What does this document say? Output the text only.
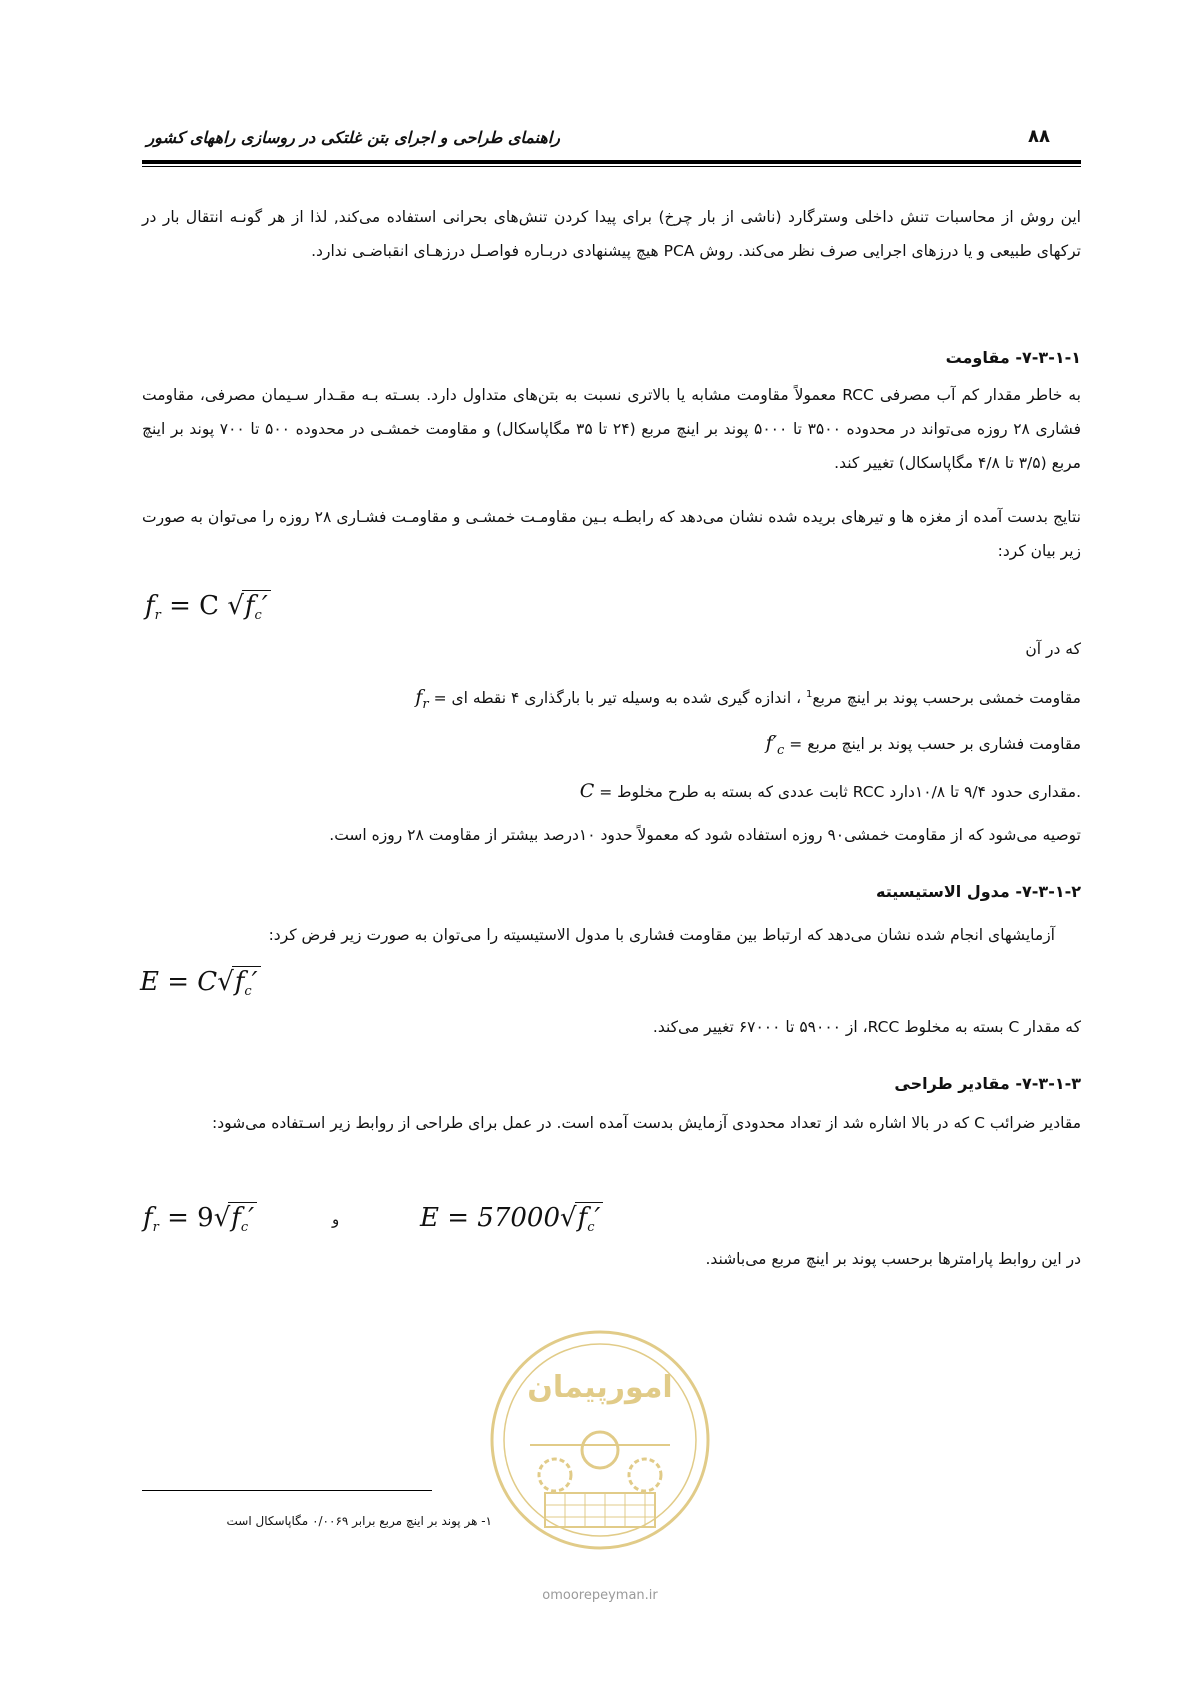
راهنمای طراحی و اجرای بتن غلتکی در روسازی راههای کشور	۸۸
این روش از محاسبات تنش داخلی وسترگارد (ناشی از بار چرخ) برای پیدا کردن تنش‌های بحرانی استفاده می‌کند, لذا از هر گونـه انتقال بار در ترکهای طبیعی و یا درزهای اجرایی صرف نظر می‌کند. روش PCA هیچ پیشنهادی دربـاره فواصـل درزهـای انقباضـی ندارد.
۷-۳-۱-۱- مقاومت
به خاطر مقدار کم آب مصرفی RCC معمولاً مقاومت مشابه یا بالاتری نسبت به بتن‌های متداول دارد. بسـته بـه مقـدار سـیمان مصرفی، مقاومت فشاری ۲۸ روزه می‌تواند در محدوده ۳۵۰۰ تا ۵۰۰۰ پوند بر اینچ مربع (۲۴ تا ۳۵ مگاپاسکال) و مقاومت خمشـی در محدوده ۵۰۰ تا ۷۰۰ پوند بر اینچ مربع (۳/۵ تا ۴/۸ مگاپاسکال) تغییر کند.
نتایج بدست آمده از مغزه ها و تیرهای بریده شده نشان می‌دهد که رابطـه بـین مقاومـت خمشـی و مقاومـت فشـاری ۲۸ روزه را می‌توان به صورت زیر بیان کرد:
$f_r = C$ $√f_c'$
که در آن
$f_r$ =	مقاومت خمشی برحسب پوند بر اینچ مربع$^1$ ، اندازه گیری شده به وسیله تیر با بارگذاری ۴ نقطه ای
$f'_c$ = مقاومت فشاری بر حسب پوند بر اینچ مربع
C = ثابت عددی که بسته به طرح مخلوط RCC مقداری حدود ۹/۴ تا ۱۰/۸دارد.
توصیه می‌شود که از مقاومت خمشی۹۰ روزه استفاده شود که معمولاً حدود ۱۰درصد بیشتر از مقاومت ۲۸ روزه است.
۷-۳-۱-۲- مدول الاستیسیته
آزمایشهای انجام شده نشان می‌دهد که ارتباط بین مقاومت فشاری با مدول الاستیسیته را می‌توان به صورت زیر فرض کرد:
$E = C√f_c'$
که مقدار C بسته به مخلوط RCC، از ۵۹۰۰۰ تا ۶۷۰۰۰ تغییر می‌کند.
۷-۳-۱-۳- مقادیر طراحی
مقادیر ضرائب C که در بالا اشاره شد از تعداد محدودی آزمایش بدست آمده است. در عمل برای طراحی از روابط زیر اسـتفاده می‌شود:
$f_r = 9√f_c'$	و	$E = 57000√f_c'$
در این روابط پارامترها برحسب پوند بر اینچ مربع می‌باشند.
امورپیمان
omoorepeyman.ir
۱- هر پوند بر اینچ مربع برابر ۰/۰۰۶۹ مگاپاسکال است
